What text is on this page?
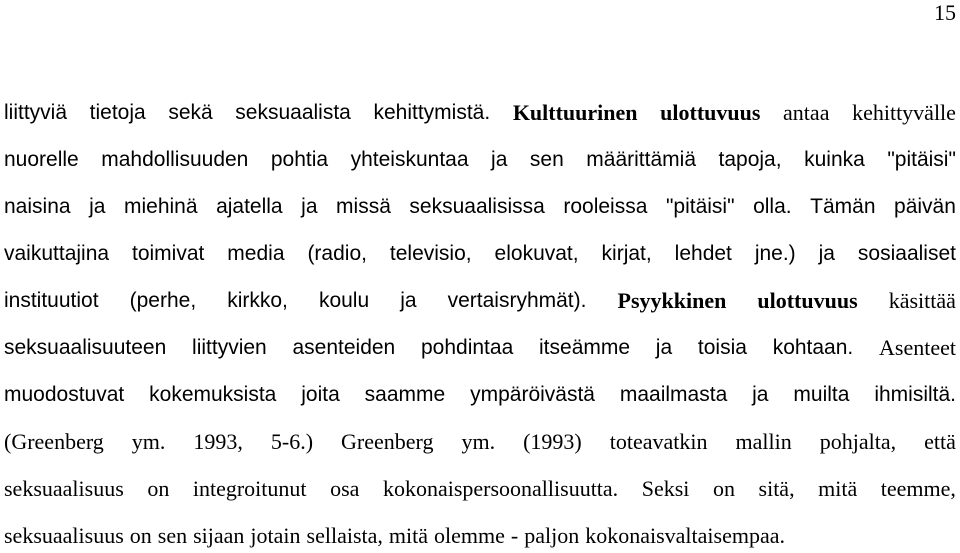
15
liittyviä tietoja sekä seksuaalista kehittymistä. Kulttuurinen ulottuvuus antaa kehittyvälle
nuorelle mahdollisuuden pohtia yhteiskuntaa ja sen määrittämiä tapoja, kuinka "pitäisi"
naisina ja miehinä ajatella ja missä seksuaalisissa rooleissa "pitäisi" olla. Tämän päivän
vaikuttajina toimivat media (radio, televisio, elokuvat, kirjat, lehdet jne.) ja sosiaaliset
instituutiot (perhe, kirkko, koulu ja vertaisryhmät). Psyykkinen ulottuvuus käsittää
seksuaalisuuteen liittyvien asenteiden pohdintaa itseämme ja toisia kohtaan. Asenteet
muodostuvat kokemuksista joita saamme ympäröivästä maailmasta ja muilta ihmisiltä.
(Greenberg ym. 1993, 5-6.) Greenberg ym. (1993) toteavatkin mallin pohjalta, että
seksuaalisuus on integroitunut osa kokonaispersoonallisuutta. Seksi on sitä, mitä teemme,
seksuaalisuus on sen sijaan jotain sellaista, mitä olemme - paljon kokonaisvaltaisempaa.
